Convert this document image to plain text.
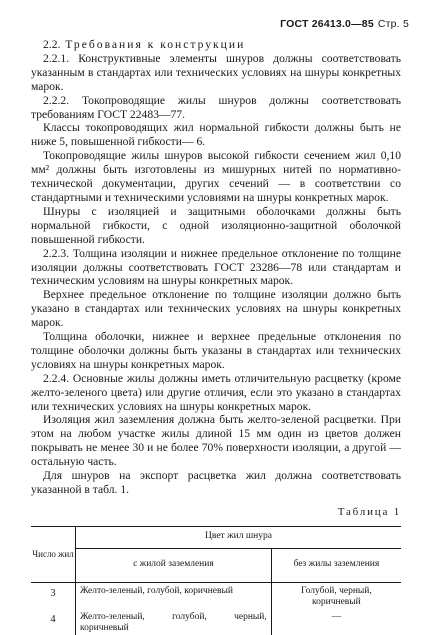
ГОСТ 26413.0—85 Стр. 5

2.2. Требования к конструкции

2.2.1. Конструктивные элементы шнуров должны соответствовать указанным в стандартах или технических условиях на шнуры конкретных марок.

2.2.2. Токопроводящие жилы шнуров должны соответствовать требованиям ГОСТ 22483—77.

Классы токопроводящих жил нормальной гибкости должны быть не ниже 5, повышенной гибкости— 6.

Токопроводящие жилы шнуров высокой гибкости сечением жил 0,10 мм² должны быть изготовлены из мишурных нитей по нормативно-технической документации, других сечений — в соответствии со стандартными и техническими условиями на шнуры конкретных марок.

Шнуры с изоляцией и защитными оболочками должны быть нормальной гибкости, с одной изоляционно-защитной оболочкой повышенной гибкости.

2.2.3. Толщина изоляции и нижнее предельное отклонение по толщине изоляции должны соответствовать ГОСТ 23286—78 или стандартам и техническим условиям на шнуры конкретных марок.

Верхнее предельное отклонение по толщине изоляции должно быть указано в стандартах или технических условиях на шнуры конкретных марок.

Толщина оболочки, нижнее и верхнее предельные отклонения по толщине оболочки должны быть указаны в стандартах или технических условиях на шнуры конкретных марок.

2.2.4. Основные жилы должны иметь отличительную расцветку (кроме желто-зеленого цвета) или другие отличия, если это указано в стандартах или технических условиях на шнуры конкретных марок.

Изоляция жил заземления должна быть желто-зеленой расцветки. При этом на любом участке жилы длиной 15 мм один из цветов должен покрывать не менее 30 и не более 70% поверхности изоляции, а другой —остальную часть.

Для шнуров на экспорт расцветка жил должна соответствовать указанной в табл. 1.

Таблица 1
Число жил	Цвет жил шнура	
	с жилой заземления	без жилы заземления
3	Желто-зеленый, голубой, коричневый	Голубой, черный, коричневый
4	Желто-зеленый, голубой, черный, коричневый	—
